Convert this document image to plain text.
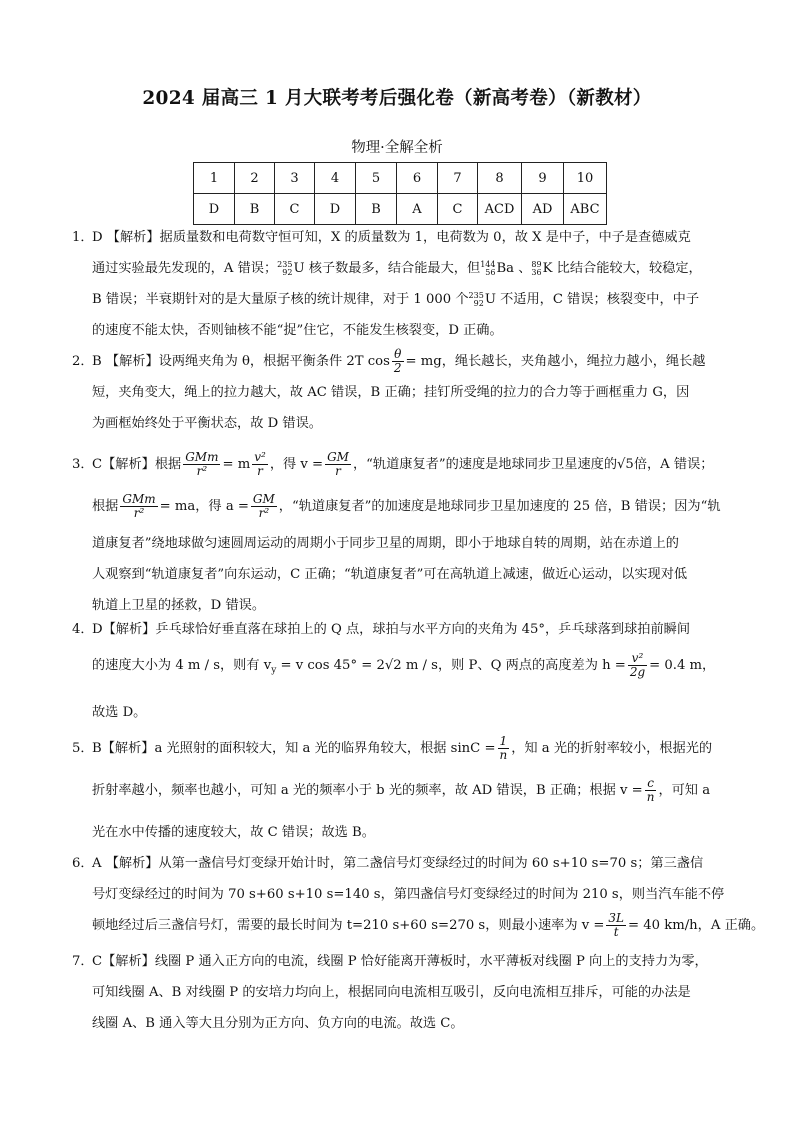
2024 届高三 1 月大联考考后强化卷（新高考卷）（新教材）
物理·全解全析
1	2	3	4	5	6	7	8	9	10
D	B	C	D	B	A	C	ACD	AD	ABC
1．D 【解析】据质量数和电荷数守恒可知，X 的质量数为 1，电荷数为 0，故 X 是中子，中子是查德威克
通过实验最先发现的，A 错误； 235
92 U 核子数最多，结合能最大，但 144
56 Ba 、 89
36 K 比结合能较大，较稳定，
B 错误；半衰期针对的是大量原子核的统计规律，对于 1 000 个 235
92 U 不适用，C 错误；核裂变中，中子
的速度不能太快，否则铀核不能“捉”住它，不能发生核裂变，D 正确。
2．B 【解析】设两绳夹角为 θ，根据平衡条件 2T $\cos \frac{\theta}{2}$ = mg，绳长越长，夹角越小，绳拉力越小，绳长越
短，夹角变大，绳上的拉力越大，故 AC 错误，B 正确；挂钉所受绳的拉力的合力等于画框重力 G，因
为画框始终处于平衡状态，故 D 错误。
3．C【解析】根据 $\frac{\text{GMm}}{\text{r²}} = m \frac{\text{v²}}{r}$ ，得 $v = \frac{GM}{r}$ ，“轨道康复者”的速度是地球同步卫星速度的√5倍，A 错误；
根据 $\frac{\text{GMm}}{\text{r²}}$ = ma，得 $a = \frac{GM}{\text{r²}}$ ，“轨道康复者”的加速度是地球同步卫星加速度的 25 倍，B 错误；因为“轨
道康复者”绕地球做匀速圆周运动的周期小于同步卫星的周期，即小于地球自转的周期，站在赤道上的
人观察到“轨道康复者”向东运动，C 正确；“轨道康复者”可在高轨道上减速，做近心运动，以实现对低
轨道上卫星的拯救，D 错误。
4．D【解析】乒乓球恰好垂直落在球拍上的 Q 点，球拍与水平方向的夹角为 45°，乒乓球落到球拍前瞬间
的速度大小为 4 m / s，则有 $v_y = v$ cos 45° = 2√2 m / s，则 P、Q 两点的高度差为 $h = \frac{\text{v²}}{2g} = 0.4$ m，
故选 D。
5．B【解析】a 光照射的面积较大，知 a 光的临界角较大，根据 $\sin C = \frac{1}{n}$ ，知 a 光的折射率较小，根据光的
折射率越小，频率也越小，可知 a 光的频率小于 b 光的频率，故 AD 错误，B 正确；根据 $v = \frac{c}{n}$ ，可知 a
光在水中传播的速度较大，故 C 错误；故选 B。
6．A 【解析】从第一盏信号灯变绿开始计时，第二盏信号灯变绿经过的时间为 60 s+10 s=70 s；第三盏信
号灯变绿经过的时间为 70 s+60 s+10 s=140 s，第四盏信号灯变绿经过的时间为 210 s，则当汽车能不停
顿地经过后三盏信号灯，需要的最长时间为 t=210 s+60 s=270 s，则最小速率为 $v = \frac{3L}{t} = 40$ km/h，A 正确。
7．C【解析】线圈 P 通入正方向的电流，线圈 P 恰好能离开薄板时，水平薄板对线圈 P 向上的支持力为零，
可知线圈 A、B 对线圈 P 的安培力均向上，根据同向电流相互吸引，反向电流相互排斥，可能的办法是
线圈 A、B 通入等大且分别为正方向、负方向的电流。故选 C。
